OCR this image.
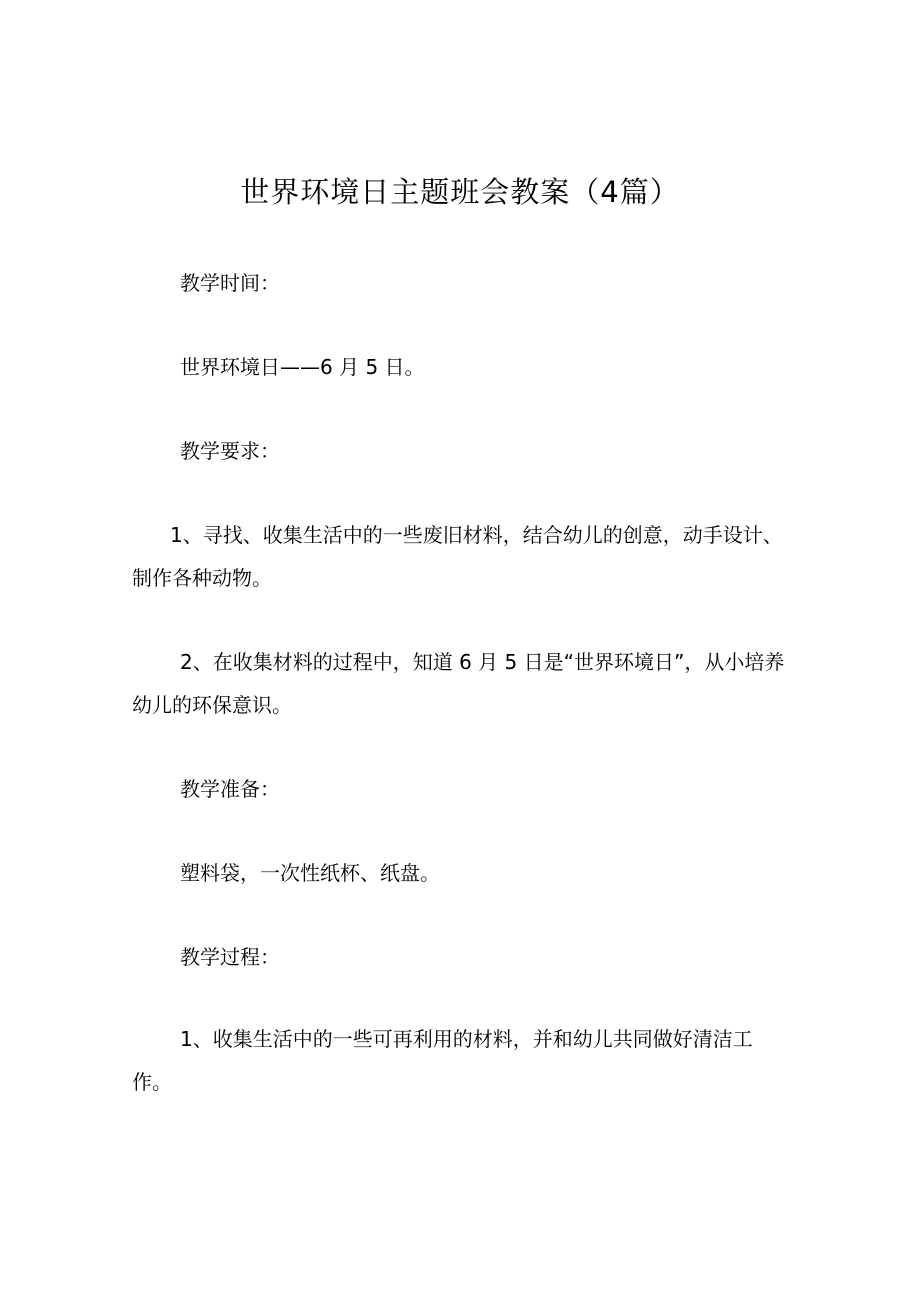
世界环境日主题班会教案（4篇）

教学时间：

世界环境日——6 月 5 日。

教学要求：

1、寻找、收集生活中的一些废旧材料，结合幼儿的创意，动手设计、制作各种动物。

2、在收集材料的过程中，知道 6 月 5 日是“世界环境日”，从小培养幼儿的环保意识。

教学准备：

塑料袋，一次性纸杯、纸盘。

教学过程：

1、收集生活中的一些可再利用的材料，并和幼儿共同做好清洁工作。
